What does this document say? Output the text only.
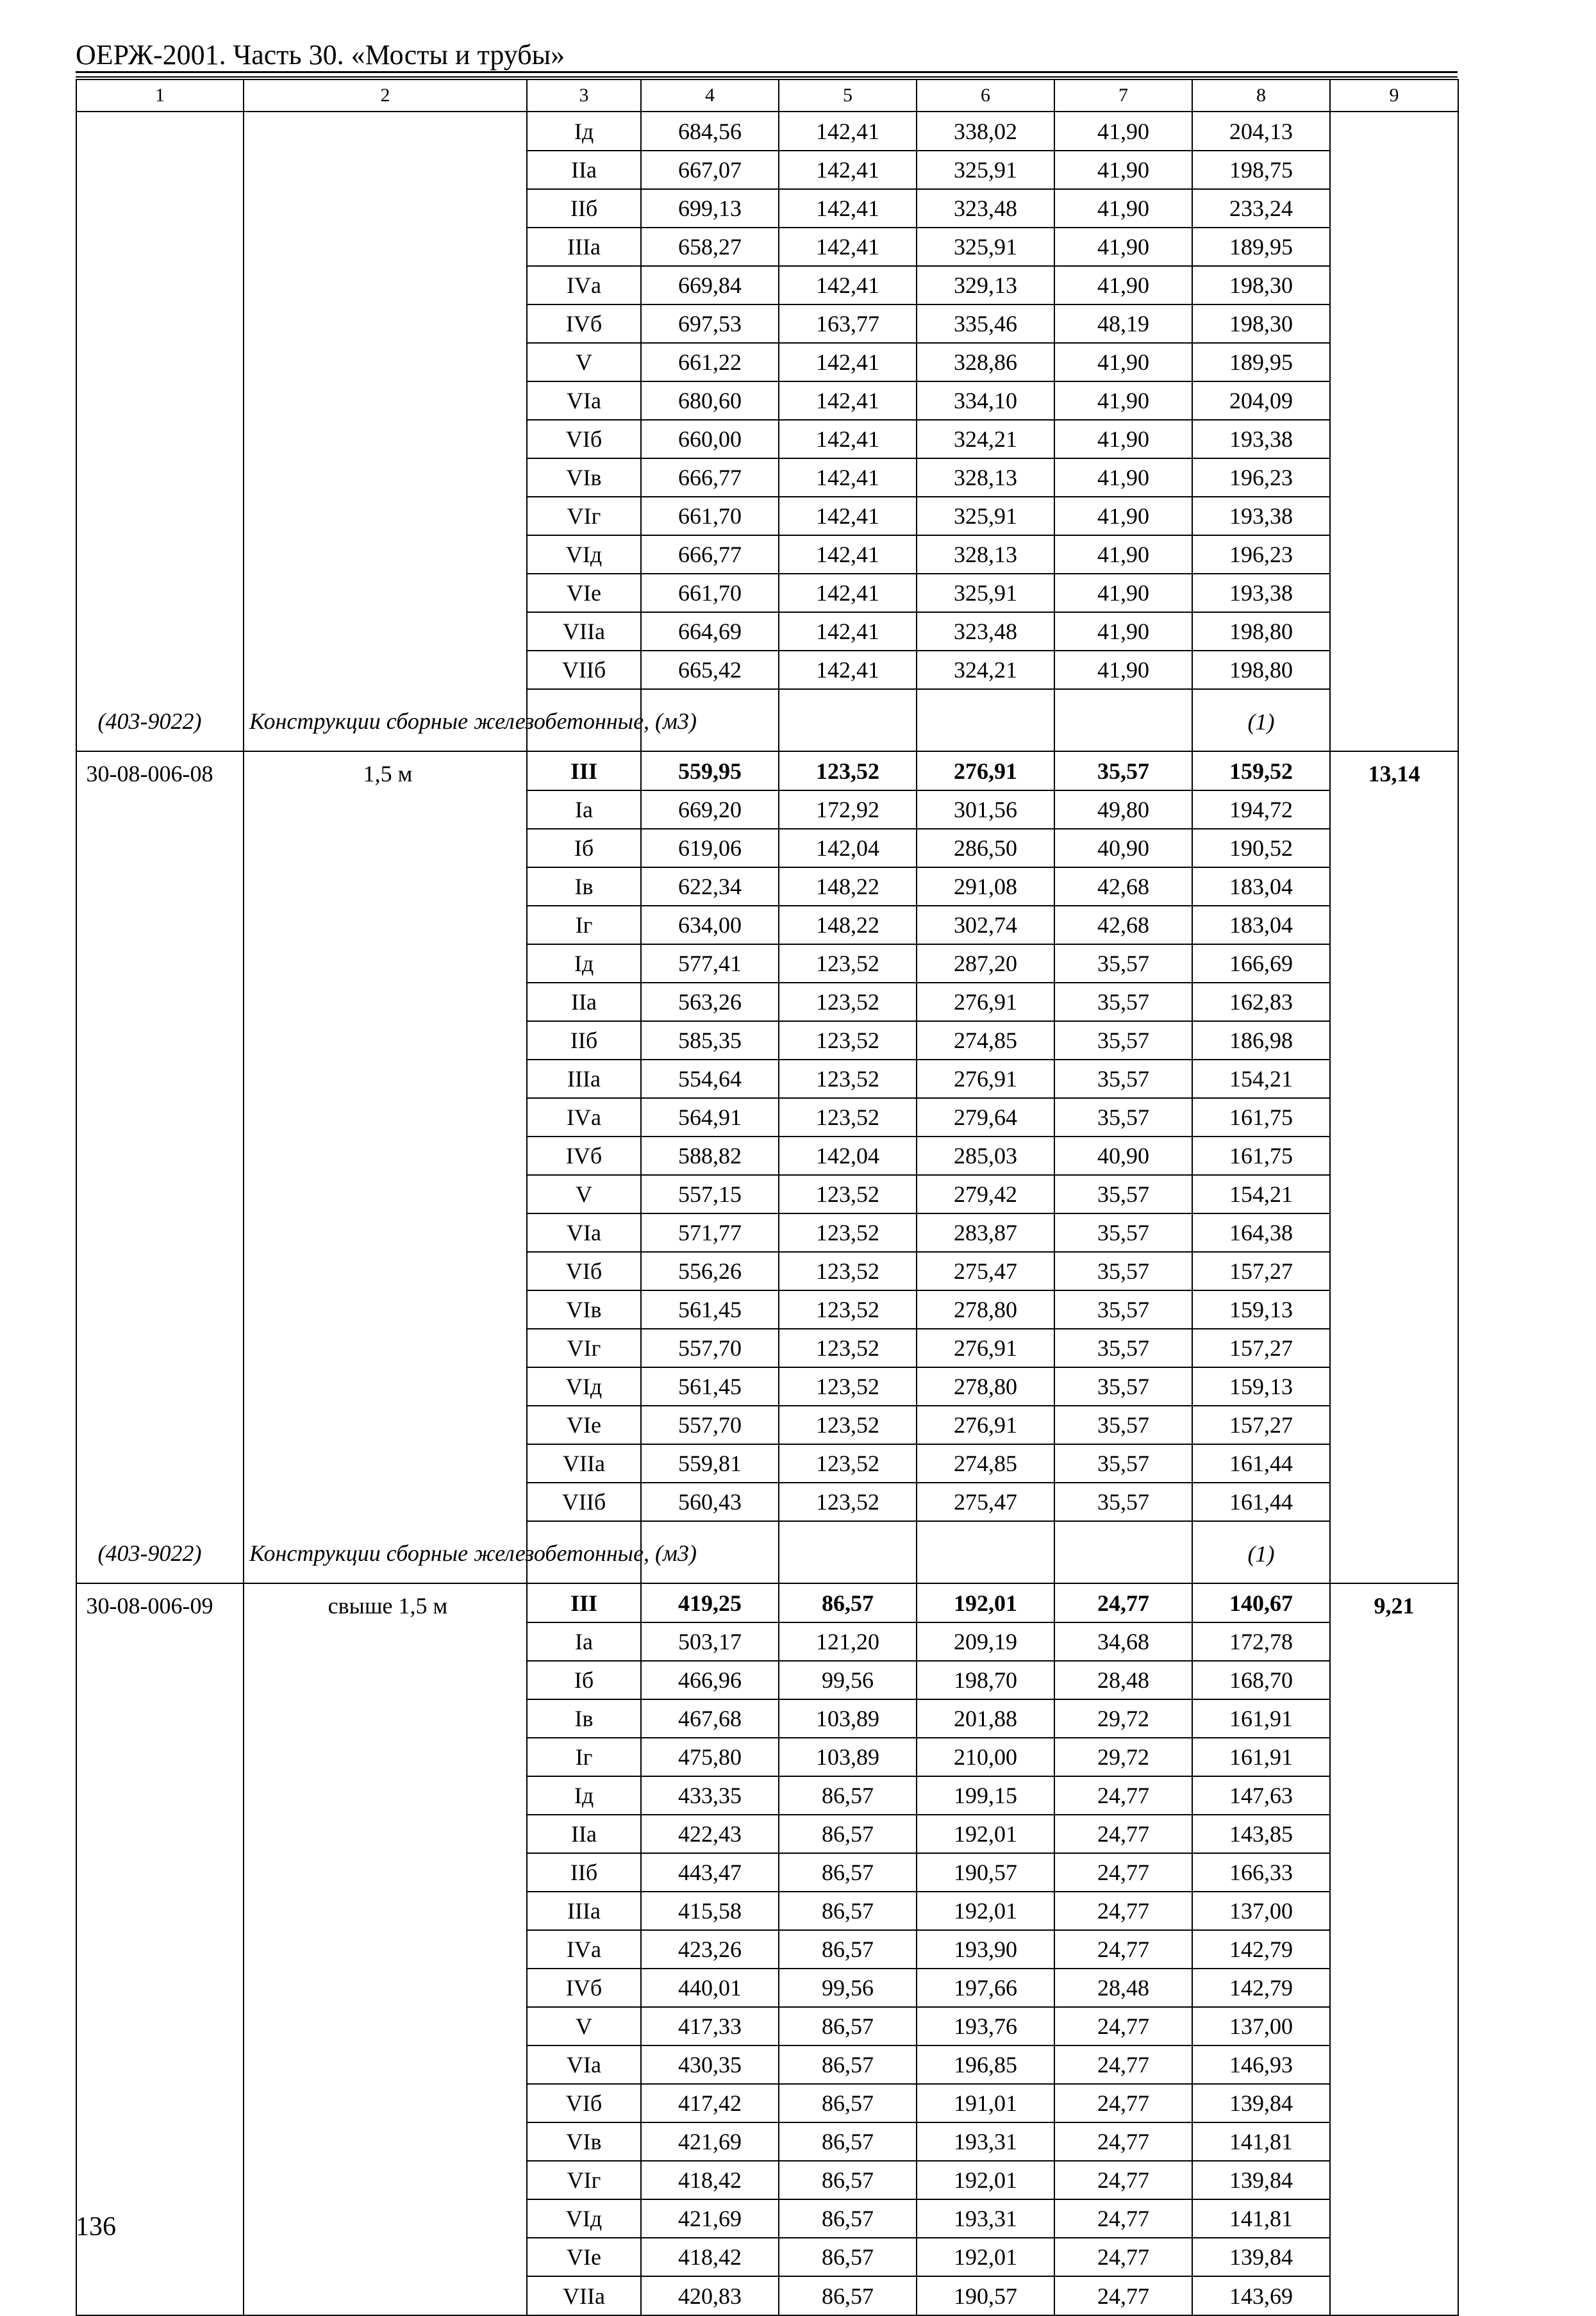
ОЕРЖ-2001. Часть 30. «Мосты и трубы»
1	2	3	4	5	6	7	8	9
		Iд	684,56	142,41	338,02	41,90	204,13	
		IIа	667,07	142,41	325,91	41,90	198,75	
		IIб	699,13	142,41	323,48	41,90	233,24	
		IIIа	658,27	142,41	325,91	41,90	189,95	
		IVа	669,84	142,41	329,13	41,90	198,30	
		IVб	697,53	163,77	335,46	48,19	198,30	
		V	661,22	142,41	328,86	41,90	189,95	
		VIа	680,60	142,41	334,10	41,90	204,09	
		VIб	660,00	142,41	324,21	41,90	193,38	
		VIв	666,77	142,41	328,13	41,90	196,23	
		VIг	661,70	142,41	325,91	41,90	193,38	
		VIд	666,77	142,41	328,13	41,90	196,23	
		VIе	661,70	142,41	325,91	41,90	193,38	
		VIIа	664,69	142,41	323,48	41,90	198,80	
		VIIб	665,42	142,41	324,21	41,90	198,80	
(403-9022)	Конструкции сборные железобетонные, (м3)						(1)	
30-08-006-08	1,5 м	III	559,95	123,52	276,91	35,57	159,52	13,14
		Iа	669,20	172,92	301,56	49,80	194,72	
		Iб	619,06	142,04	286,50	40,90	190,52	
		Iв	622,34	148,22	291,08	42,68	183,04	
		Iг	634,00	148,22	302,74	42,68	183,04	
		Iд	577,41	123,52	287,20	35,57	166,69	
		IIа	563,26	123,52	276,91	35,57	162,83	
		IIб	585,35	123,52	274,85	35,57	186,98	
		IIIа	554,64	123,52	276,91	35,57	154,21	
		IVа	564,91	123,52	279,64	35,57	161,75	
		IVб	588,82	142,04	285,03	40,90	161,75	
		V	557,15	123,52	279,42	35,57	154,21	
		VIа	571,77	123,52	283,87	35,57	164,38	
		VIб	556,26	123,52	275,47	35,57	157,27	
		VIв	561,45	123,52	278,80	35,57	159,13	
		VIг	557,70	123,52	276,91	35,57	157,27	
		VIд	561,45	123,52	278,80	35,57	159,13	
		VIе	557,70	123,52	276,91	35,57	157,27	
		VIIа	559,81	123,52	274,85	35,57	161,44	
		VIIб	560,43	123,52	275,47	35,57	161,44	
(403-9022)	Конструкции сборные железобетонные, (м3)						(1)	
30-08-006-09	свыше 1,5 м	III	419,25	86,57	192,01	24,77	140,67	9,21
		Iа	503,17	121,20	209,19	34,68	172,78	
		Iб	466,96	99,56	198,70	28,48	168,70	
		Iв	467,68	103,89	201,88	29,72	161,91	
		Iг	475,80	103,89	210,00	29,72	161,91	
		Iд	433,35	86,57	199,15	24,77	147,63	
		IIа	422,43	86,57	192,01	24,77	143,85	
		IIб	443,47	86,57	190,57	24,77	166,33	
		IIIа	415,58	86,57	192,01	24,77	137,00	
		IVа	423,26	86,57	193,90	24,77	142,79	
		IVб	440,01	99,56	197,66	28,48	142,79	
		V	417,33	86,57	193,76	24,77	137,00	
		VIа	430,35	86,57	196,85	24,77	146,93	
		VIб	417,42	86,57	191,01	24,77	139,84	
		VIв	421,69	86,57	193,31	24,77	141,81	
		VIг	418,42	86,57	192,01	24,77	139,84	
		VIд	421,69	86,57	193,31	24,77	141,81	
		VIе	418,42	86,57	192,01	24,77	139,84	
		VIIа	420,83	86,57	190,57	24,77	143,69	
136
